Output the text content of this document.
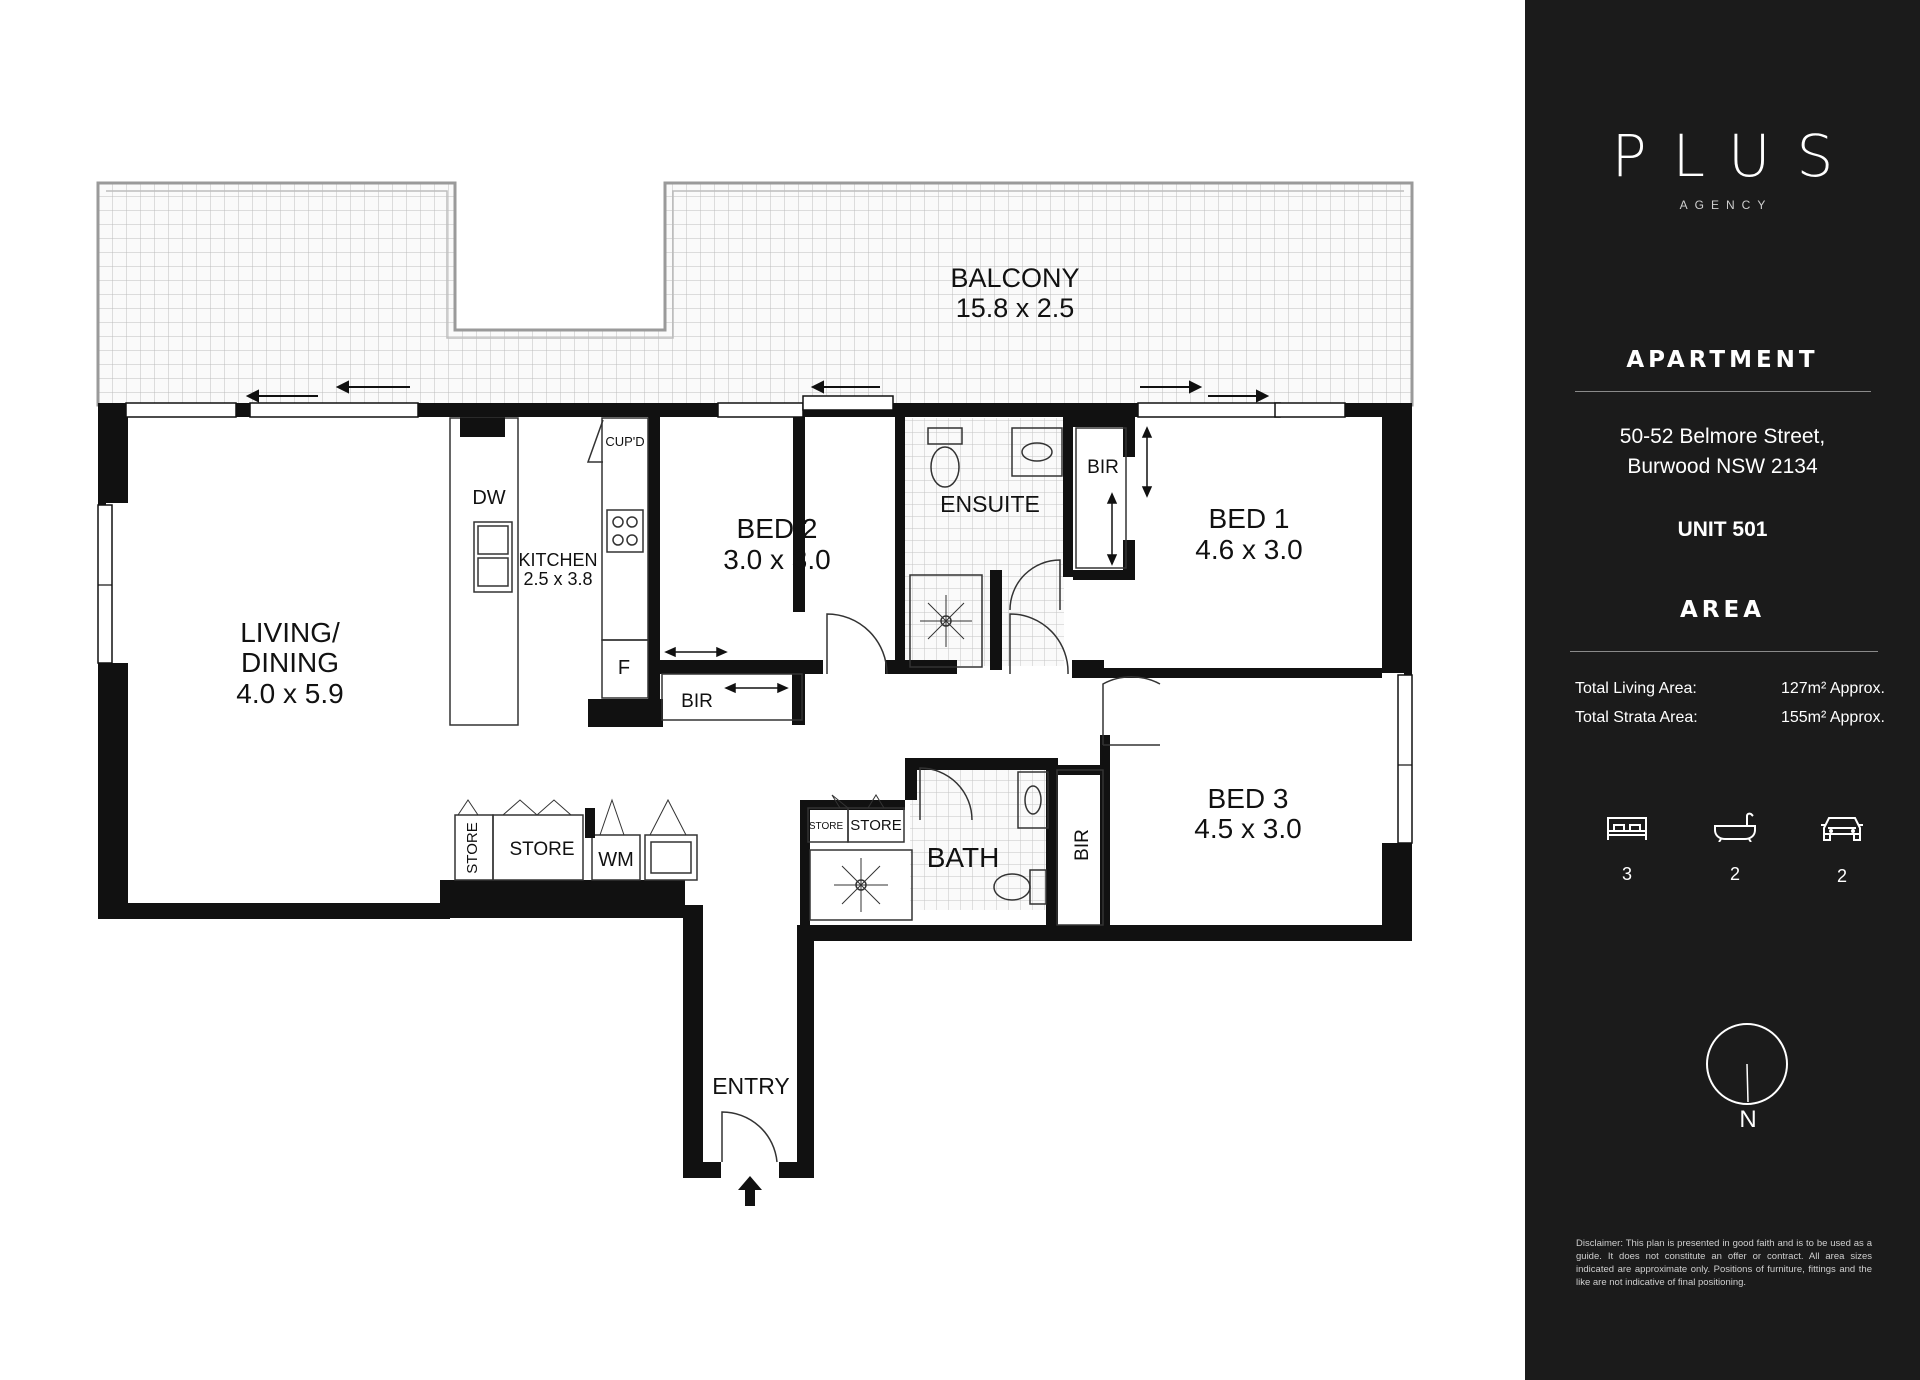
BALCONY
15.8 x 2.5
LIVING/
DINING
4.0 x 5.9
KITCHEN
2.5 x 3.8
BED 2
3.0 x 3.0
BED 1
4.6 x 3.0
BED 3
4.5 x 3.0
ENSUITE
BATH
ENTRY
DW
CUP'D
F
BIR
BIR
BIR
STORE STORE WM
STORE STORE
PLUS
AGENCY
APARTMENT
50-52 Belmore Street,
Burwood NSW 2134
UNIT 501
AREA
Total Living Area:	127m² Approx.
Total Strata Area:	155m² Approx.
3	2	2
N
Disclaimer: This plan is presented in good faith and is to be used as a guide. It does not constitute an offer or contract. All area sizes indicated are approximate only. Positions of furniture, fittings and the like are not indicative of final positioning.
